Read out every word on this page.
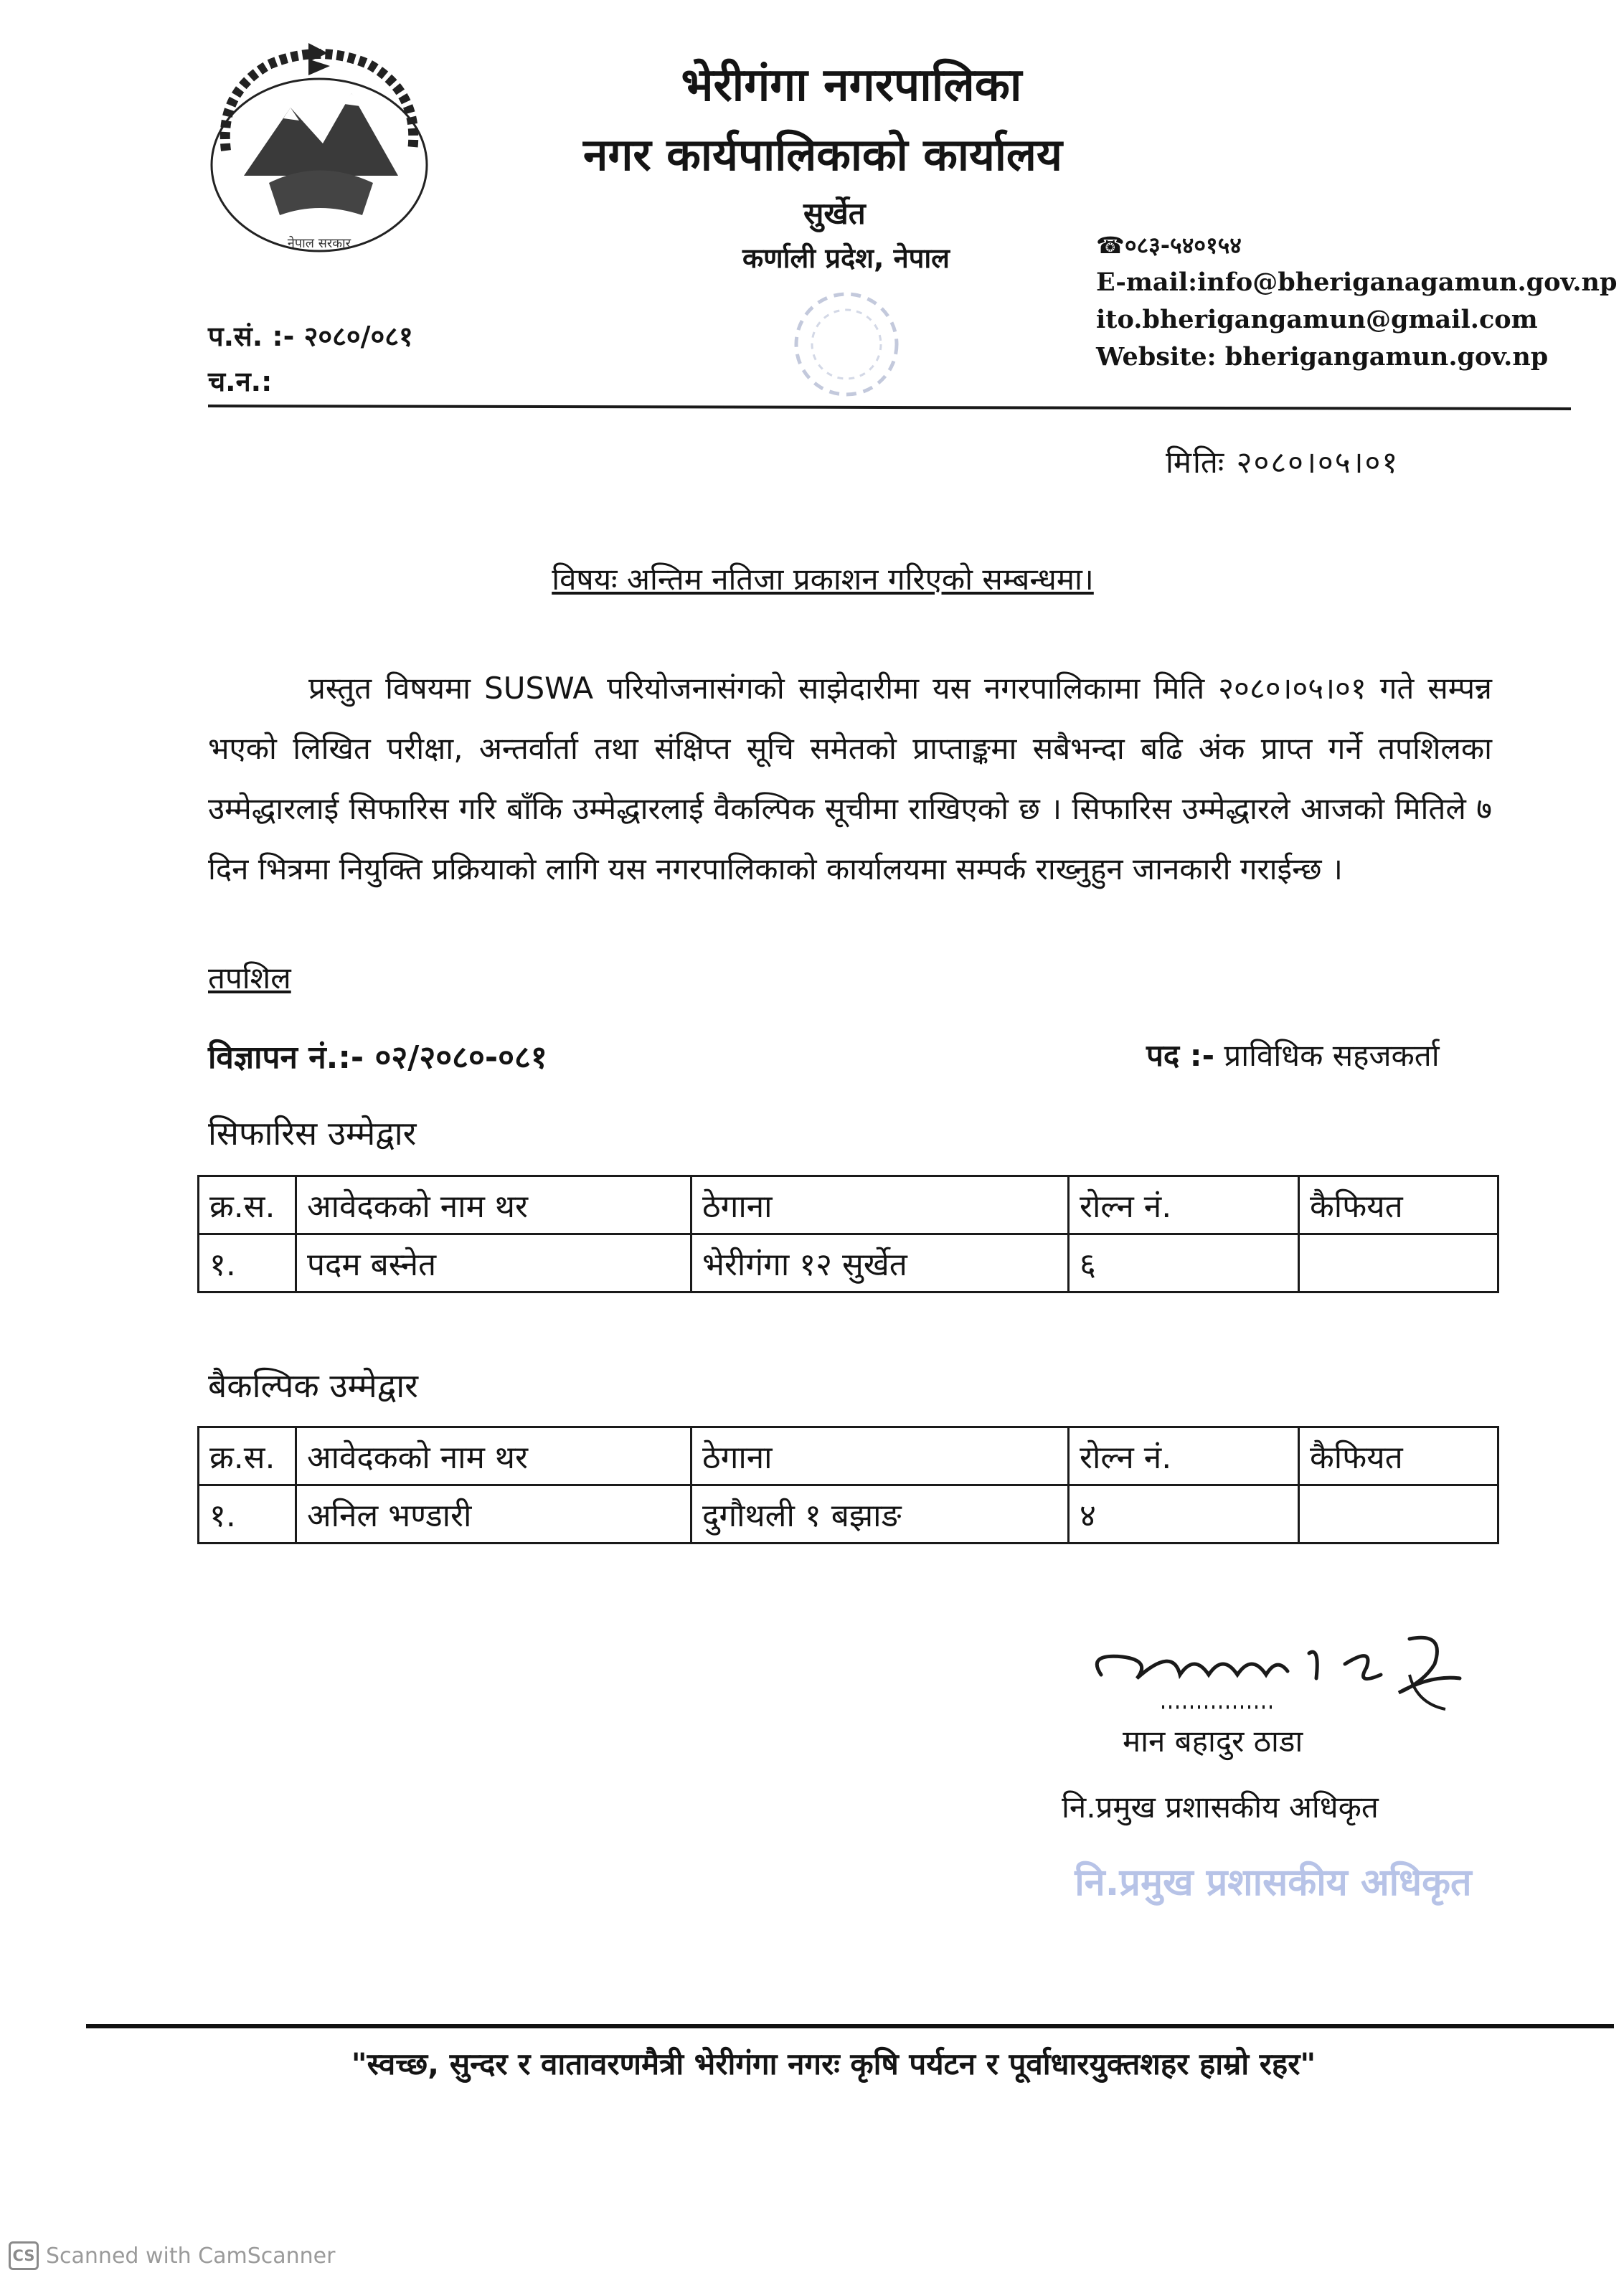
नेपाल सरकार
भेरीगंगा नगरपालिका
नगर कार्यपालिकाको कार्यालय
सुर्खेत
कर्णाली प्रदेश, नेपाल	☎०८३-५४०१५४
E-mail:info@bheriganagamun.gov.np
ito.bherigangamun@gmail.com
Website: bherigangamun.gov.np
प.सं. :- २०८०/०८१
च.न.:
मितिः २०८०।०५।०१
विषयः अन्तिम नतिजा प्रकाशन गरिएको सम्बन्धमा।
प्रस्तुत विषयमा SUSWA परियोजनासंगको साझेदारीमा यस नगरपालिकामा मिति २०८०।०५।०१ गते सम्पन्न भएको लिखित परीक्षा, अन्तर्वार्ता तथा संक्षिप्त सूचि समेतको प्राप्ताङ्कमा सबैभन्दा बढि अंक प्राप्त गर्ने तपशिलका उम्मेद्धारलाई सिफारिस गरि बाँकि उम्मेद्धारलाई वैकल्पिक सूचीमा राखिएको छ । सिफारिस उम्मेद्धारले आजको मितिले ७ दिन भित्रमा नियुक्ति प्रक्रियाको लागि यस नगरपालिकाको कार्यालयमा सम्पर्क राख्नुहुन जानकारी गराईन्छ ।
तपशिल
विज्ञापन नं.:- ०२/२०८०-०८१	पद :- प्राविधिक सहजकर्ता
सिफारिस उम्मेद्वार
क्र.स.	आवेदकको नाम थर	ठेगाना	रोल्न नं.	कैफियत
१.	पदम बस्नेत	भेरीगंगा १२ सुर्खेत	६	
बैकल्पिक उम्मेद्वार
क्र.स.	आवेदकको नाम थर	ठेगाना	रोल्न नं.	कैफियत
१.	अनिल भण्डारी	दुगौथली १ बझाङ	४	
मान बहादुर ठाडा
नि.प्रमुख प्रशासकीय अधिकृत
नि.प्रमुख प्रशासकीय अधिकृत
"स्वच्छ, सुन्दर र वातावरणमैत्री भेरीगंगा नगरः कृषि पर्यटन र पूर्वाधारयुक्तशहर हाम्रो रहर"
CS Scanned with CamScanner
